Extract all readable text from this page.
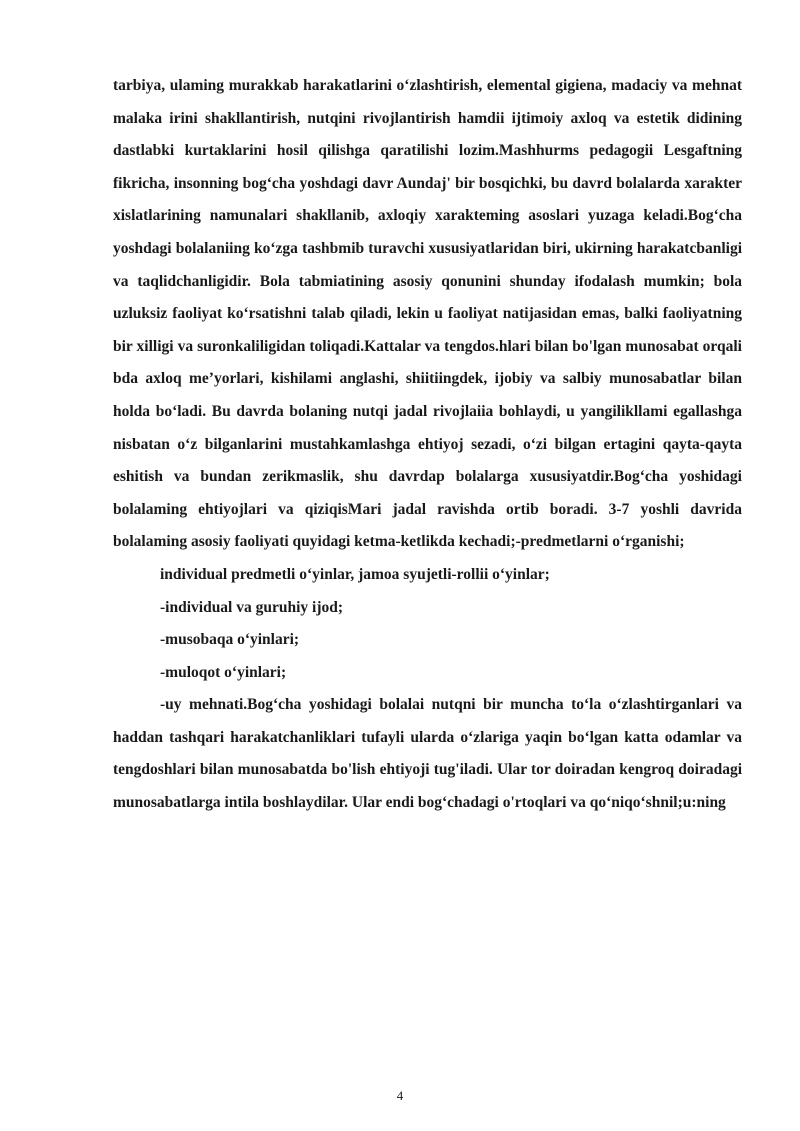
tarbiya, ulaming murakkab harakatlarini o‘zlashtirish, elemental gigiena, madaciy va mehnat malaka irini shakllantirish, nutqini rivojlantirish hamdii ijtimoiy axloq va estetik didining dastlabki kurtaklarini hosil qilishga qaratilishi lozim.Mashhurms pedagogii Lesgaftning fikricha, insonning bog‘cha yoshdagi davr Aundaj' bir bosqichki, bu davrd bolalarda xarakter xislatlarining namunalari shakllanib, axloqiy xarakteming asoslari yuzaga keladi.Bog‘cha yoshdagi bolalaniing ko‘zga tashbmib turavchi xususiyatlaridan biri, ukirning harakatcbanligi va taqlidchanligidir. Bola tabmiatining asosiy qonunini shunday ifodalash mumkin; bola uzluksiz faoliyat ko‘rsatishni talab qiladi, lekin u faoliyat natijasidan emas, balki faoliyatning bir xilligi va suronkaliligidan toliqadi.Kattalar va tengdos.hlari bilan bo'lgan munosabat orqali bda axloq me’yorlari, kishilami anglashi, shiitiingdek, ijobiy va salbiy munosabatlar bilan holda bo‘ladi. Bu davrda bolaning nutqi jadal rivojlaiia bohlaydi, u yangilikllami egallashga nisbatan o‘z bilganlarini mustahkamlashga ehtiyoj sezadi, o‘zi bilgan ertagini qayta-qayta eshitish va bundan zerikmaslik, shu davrdap bolalarga xususiyatdir.Bog‘cha yoshidagi bolalaming ehtiyojlari va qiziqisMari jadal ravishda ortib boradi. 3-7 yoshli davrida bolalaming asosiy faoliyati quyidagi ketma-ketlikda kechadi;-predmetlarni o‘rganishi;

individual predmetli o‘yinlar, jamoa syujetli-rollii o‘yinlar;

-individual va guruhiy ijod;

-musobaqa o‘yinlari;

-muloqot o‘yinlari;

-uy mehnati.Bog‘cha yoshidagi bolalai nutqni bir muncha to‘la o‘zlashtirganlari va haddan tashqari harakatchanliklari tufayli ularda o‘zlariga yaqin bo‘lgan katta odamlar va tengdoshlari bilan munosabatda bo'lish ehtiyoji tug'iladi. Ular tor doiradan kengroq doiradagi munosabatlarga intila boshlaydilar. Ular endi bog‘chadagi o'rtoqlari va qo‘niqo‘shnil;u:ning

4
